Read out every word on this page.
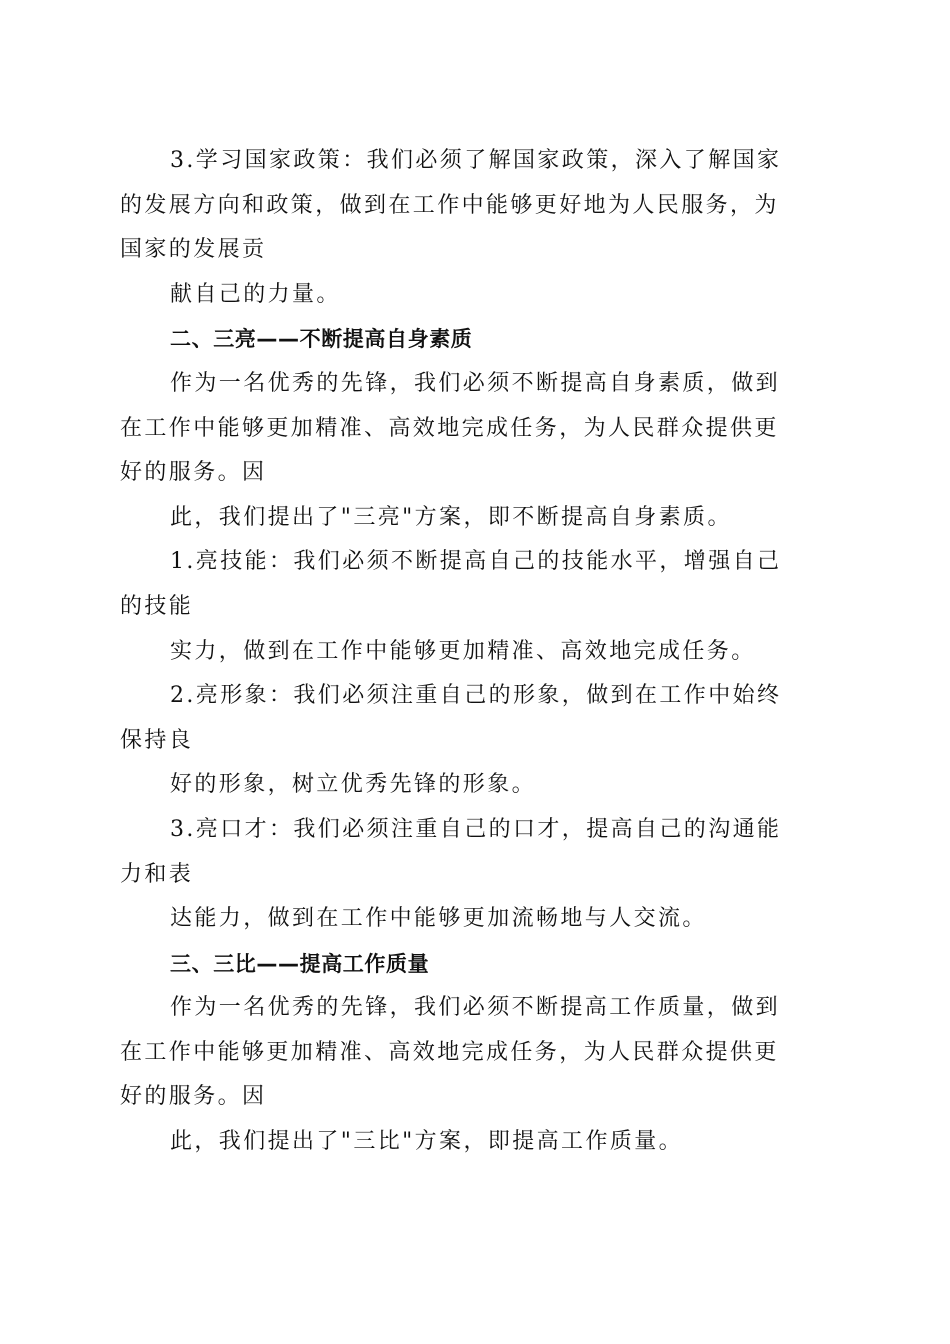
3.学习国家政策：我们必须了解国家政策，深入了解国家
的发展方向和政策，做到在工作中能够更好地为人民服务，为
国家的发展贡
献自己的力量。
二、三亮——不断提高自身素质
作为一名优秀的先锋，我们必须不断提高自身素质，做到
在工作中能够更加精准、高效地完成任务，为人民群众提供更
好的服务。因
此，我们提出了"三亮"方案，即不断提高自身素质。
1.亮技能：我们必须不断提高自己的技能水平，增强自己
的技能
实力，做到在工作中能够更加精准、高效地完成任务。
2.亮形象：我们必须注重自己的形象，做到在工作中始终
保持良
好的形象，树立优秀先锋的形象。
3.亮口才：我们必须注重自己的口才，提高自己的沟通能
力和表
达能力，做到在工作中能够更加流畅地与人交流。
三、三比——提高工作质量
作为一名优秀的先锋，我们必须不断提高工作质量，做到
在工作中能够更加精准、高效地完成任务，为人民群众提供更
好的服务。因
此，我们提出了"三比"方案，即提高工作质量。
